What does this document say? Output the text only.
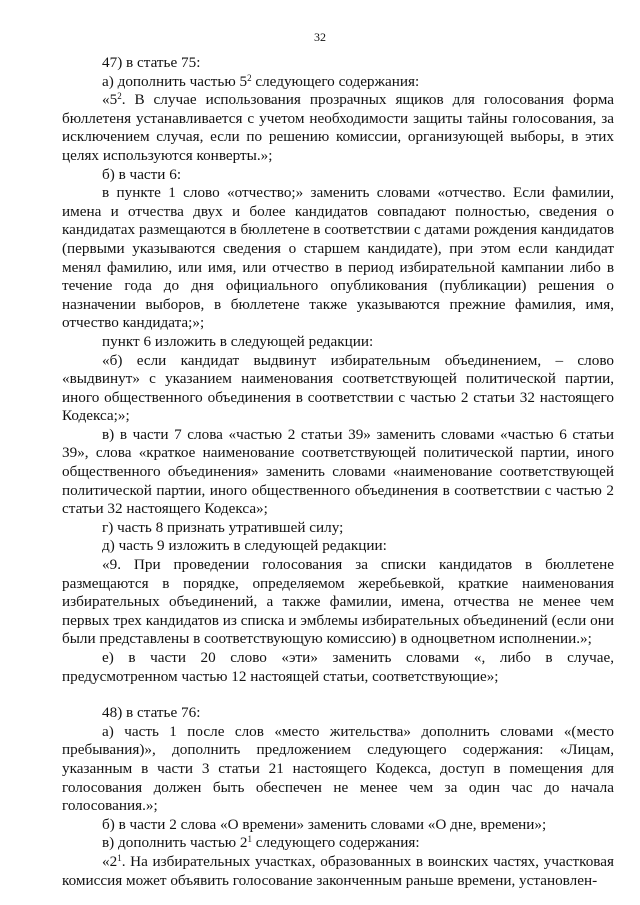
32

47) в статье 75:

а) дополнить частью $5^2$ следующего содержания:

«$5^2$. В случае использования прозрачных ящиков для голосования форма бюллетеня устанавливается с учетом необходимости защиты тайны голосования, за исключением случая, если по решению комиссии, организующей выборы, в этих целях используются конверты.»;

б) в части 6:

в пункте 1 слово «отчество;» заменить словами «отчество. Если фамилии, имена и отчества двух и более кандидатов совпадают полностью, сведения о кандидатах размещаются в бюллетене в соответствии с датами рождения кандидатов (первыми указываются сведения о старшем кандидате), при этом если кандидат менял фамилию, или имя, или отчество в период избирательной кампании либо в течение года до дня официального опубликования (публикации) решения о назначении выборов, в бюллетене также указываются прежние фамилия, имя, отчество кандидата;»;

пункт 6 изложить в следующей редакции:

«б) если кандидат выдвинут избирательным объединением, – слово «выдвинут» с указанием наименования соответствующей политической партии, иного общественного объединения в соответствии с частью 2 статьи 32 настоящего Кодекса;»;

в) в части 7 слова «частью 2 статьи 39» заменить словами «частью 6 статьи 39», слова «краткое наименование соответствующей политической партии, иного общественного объединения» заменить словами «наименование соответствующей политической партии, иного общественного объединения в соответствии с частью 2 статьи 32 настоящего Кодекса»;

г) часть 8 признать утратившей силу;

д) часть 9 изложить в следующей редакции:

«9. При проведении голосования за списки кандидатов в бюллетене размещаются в порядке, определяемом жеребьевкой, краткие наименования избирательных объединений, а также фамилии, имена, отчества не менее чем первых трех кандидатов из списка и эмблемы избирательных объединений (если они были представлены в соответствующую комиссию) в одноцветном исполнении.»;

е) в части 20 слово «эти» заменить словами «, либо в случае, предусмотренном частью 12 настоящей статьи, соответствующие»;

48) в статье 76:

а) часть 1 после слов «место жительства» дополнить словами «(место пребывания)», дополнить предложением следующего содержания: «Лицам, указанным в части 3 статьи 21 настоящего Кодекса, доступ в помещения для голосования должен быть обеспечен не менее чем за один час до начала голосования.»;

б) в части 2 слова «О времени» заменить словами «О дне, времени»;

в) дополнить частью $2^1$ следующего содержания:

«$2^1$. На избирательных участках, образованных в воинских частях, участковая комиссия может объявить голосование законченным раньше времени, установлен-
